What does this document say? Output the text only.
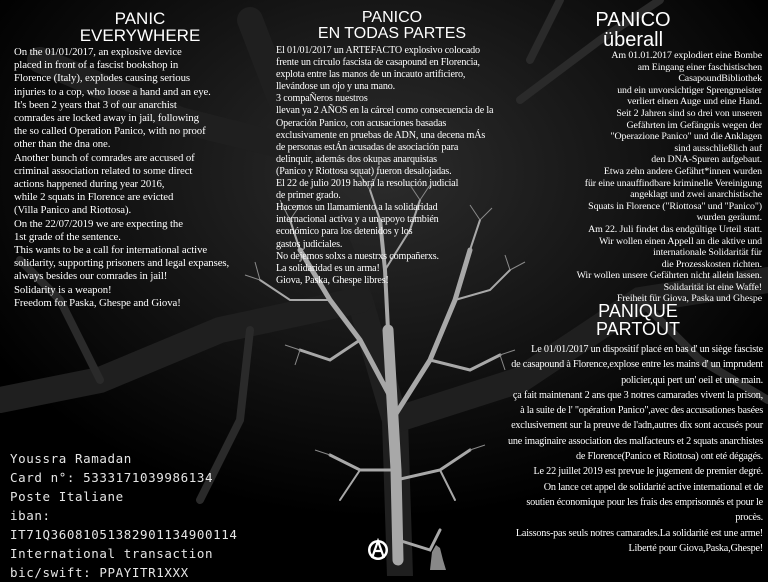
PANIC
EVERYWHERE
On the 01/01/2017, an explosive device
placed in front of a fascist bookshop in
Florence (Italy), explodes causing serious
injuries to a cop, who loose a hand and an eye.
It's been 2 years that 3 of our anarchist
comrades are locked away in jail, following
the so called Operation Panico, with no proof
other than the dna one.
Another bunch of comrades are accused of
criminal association related to some direct
actions happened during year 2016,
while 2 squats in Florence are evicted
(Villa Panico and Riottosa).
On the 22/07/2019 we are expecting the
1st grade of the sentence.
This wants to be a call for international active
solidarity, supporting prisoners and legal expanses,
always besides our comrades in jail!
Solidarity is a weapon!
Freedom for Paska, Ghespe and Giova!
PANICO
EN TODAS PARTES
El 01/01/2017 un ARTEFACTO explosivo colocado
frente un círculo fascista de casapound en Florencia,
explota entre las manos de un incauto artificiero,
llevándose un ojo y una mano.
3 compaÑeros nuestros
llevan ya 2 AÑOS en la cárcel como consecuencia de la
Operación Panico, con acusaciones basadas
exclusivamente en pruebas de ADN, una decena mÁs
de personas estÁn acusadas de asociación para
delinquir, además dos okupas anarquistas
(Panico y Riottosa squat) fueron desalojadas.
El 22 de julio 2019 habrá la resolución judicial
de primer grado.
Hacemos un llamamiento a la solidaridad
internacional activa y a un apoyo también
económico para los detenidos y los
gastos judiciales.
No dejemos solxs a nuestrxs compañerxs.
La solidaridad es un arma!
Giova, Paska, Ghespe libres!
PANICO
überall
Am 01.01.2017 explodiert eine Bombe
am Eingang einer faschistischen
CasapoundBibliothek
und ein unvorsichtiger Sprengmeister
verliert einen Auge und eine Hand.
Seit 2 Jahren sind so drei von unseren
Gefährten im Gefängnis wegen der
"Operazione Panico" und die Anklagen
sind ausschließlich auf
den DNA-Spuren aufgebaut.
Etwa zehn andere Gefährt*innen wurden
für eine unauffindbare kriminelle Vereinigung
angeklagt und zwei anarchistische
Squats in Florence ("Riottosa" und "Panico")
wurden geräumt.
Am 22. Juli findet das endgültige Urteil statt.
Wir wollen einen Appell an die aktive und
internationale Solidarität für
die Prozesskosten richten.
Wir wollen unsere Gefährten nicht allein lassen.
Solidarität ist eine Waffe!
Freiheit für Giova, Paska und Ghespe
PANIQUE
PARTOUT
Le 01/01/2017 un dispositif placé en bas d' un siège fasciste
de casapound à Florence,explose entre les mains d' un imprudent
policier,qui pert un' oeil et une main.
ça fait maintenant 2 ans que 3 notres camarades vivent la prison,
à la suite de l' "opération Panico",avec des accusationes basées
exclusivement sur la preuve de l'adn,autres dix sont accusés pour
une imaginaire association des malfacteurs et 2 squats anarchistes
de Florence(Panico et Riottosa) ont eté dégagés.
Le 22 juillet 2019 est prevue le jugement de premier degré.
On lance cet appel de solidarité active international et de
soutien économique pour les frais des emprisonnés et pour le procès.
Laissons-pas seuls notres camarades.La solidarité est une arme!
Liberté pour Giova,Paska,Ghespe!
Youssra Ramadan
Card n°: 5333171039986134
Poste Italiane
iban:
IT71Q36081051382901134900114
International transaction
bic/swift: PPAYITR1XXX
